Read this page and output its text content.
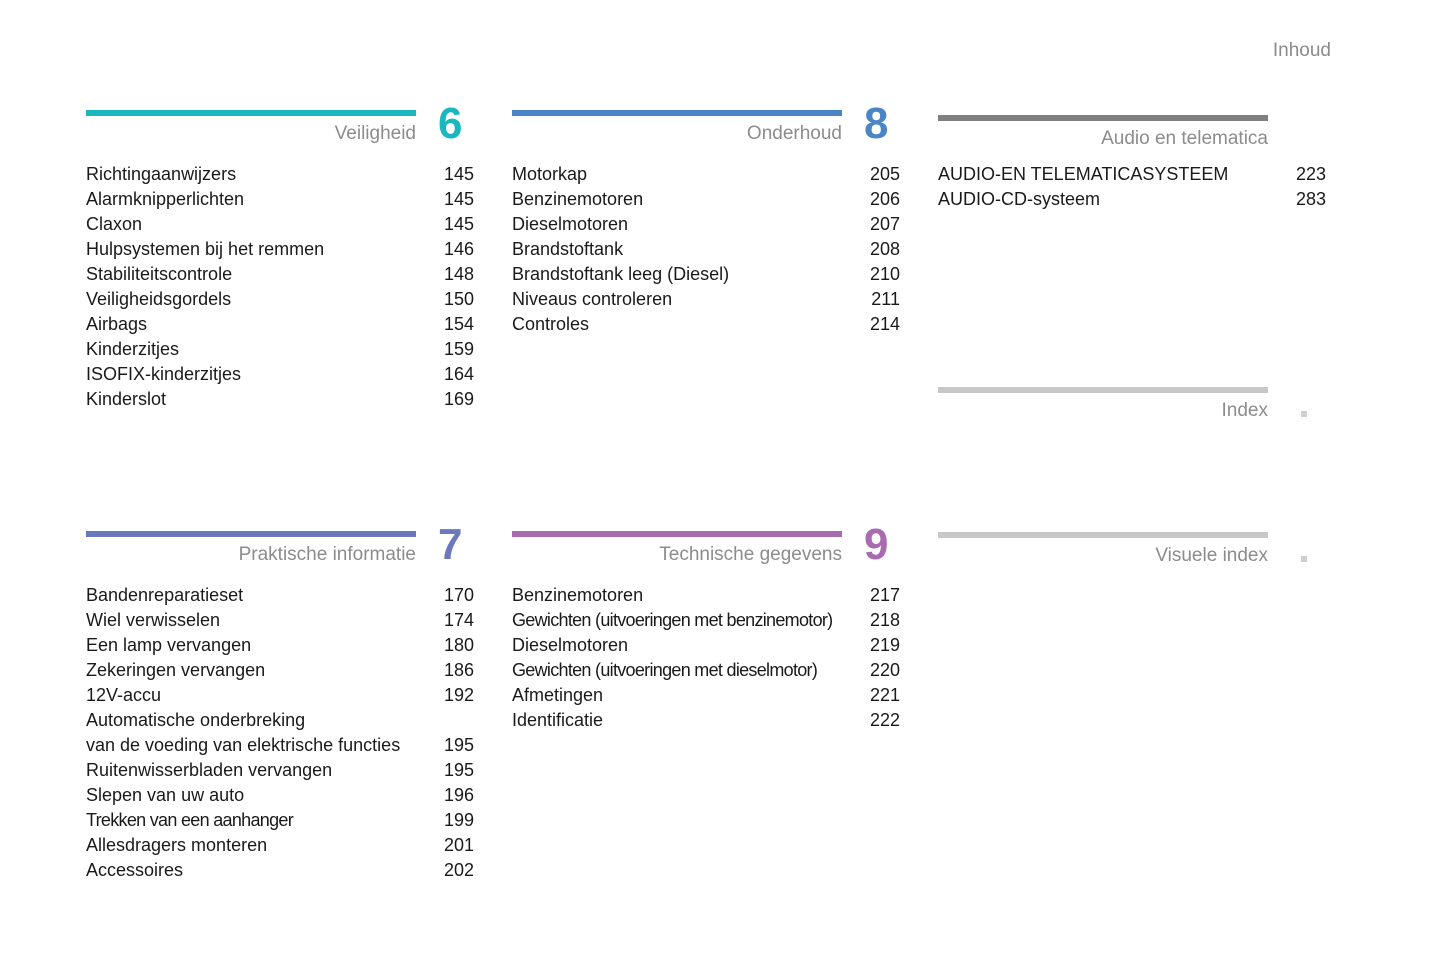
Inhoud
Veiligheid 6
Richtingaanwijzers	145
Alarmknipperlichten	145
Claxon	145
Hulpsystemen bij het remmen	146
Stabiliteitscontrole	148
Veiligheidsgordels	150
Airbags	154
Kinderzitjes	159
ISOFIX-kinderzitjes	164
Kinderslot	169
Onderhoud 8
Motorkap	205
Benzinemotoren	206
Dieselmotoren	207
Brandstoftank	208
Brandstoftank leeg (Diesel)	210
Niveaus controleren	211
Controles	214
Audio en telematica
AUDIO-EN TELEMATICASYSTEEM	223
AUDIO-CD-systeem	283
Index
Praktische informatie 7
Bandenreparatieset	170
Wiel verwisselen	174
Een lamp vervangen	180
Zekeringen vervangen	186
12V-accu	192
Automatische onderbreking
van de voeding van elektrische functies	195
Ruitenwisserbladen vervangen	195
Slepen van uw auto	196
Trekken van een aanhanger	199
Allesdragers monteren	201
Accessoires	202
Technische gegevens 9
Benzinemotoren	217
Gewichten (uitvoeringen met benzinemotor)	218
Dieselmotoren	219
Gewichten (uitvoeringen met dieselmotor)	220
Afmetingen	221
Identificatie	222
Visuele index
